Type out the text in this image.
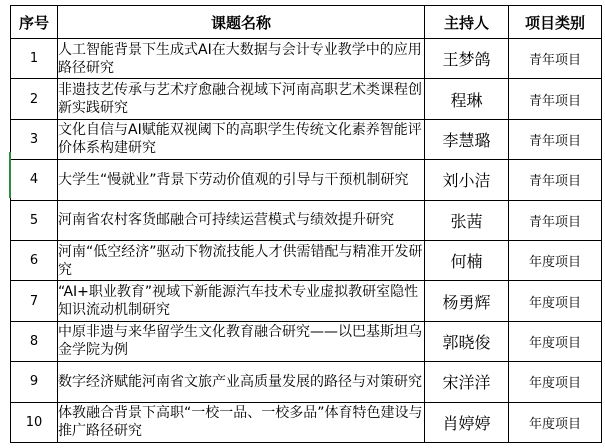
序号	课题名称	主持人	项目类别
1	人工智能背景下生成式AI在大数据与会计专业教学中的应用路径研究	王梦鸽	青年项目
2	非遗技艺传承与艺术疗愈融合视域下河南高职艺术类课程创新实践研究	程琳	青年项目
3	文化自信与AI赋能双视阈下的高职学生传统文化素养智能评价体系构建研究	李慧璐	青年项目
4	大学生“慢就业”背景下劳动价值观的引导与干预机制研究	刘小洁	青年项目
5	河南省农村客货邮融合可持续运营模式与绩效提升研究	张茜	青年项目
6	河南“低空经济”驱动下物流技能人才供需错配与精准开发研究	何楠	年度项目
7	“AI+职业教育”视域下新能源汽车技术专业虚拟教研室隐性知识流动机制研究	杨勇辉	年度项目
8	中原非遗与来华留学生文化教育融合研究——以巴基斯坦乌金学院为例	郭晓俊	年度项目
9	数字经济赋能河南省文旅产业高质量发展的路径与对策研究	宋洋洋	年度项目
10	体教融合背景下高职“一校一品、一校多品”体育特色建设与推广路径研究	肖婷婷	年度项目
